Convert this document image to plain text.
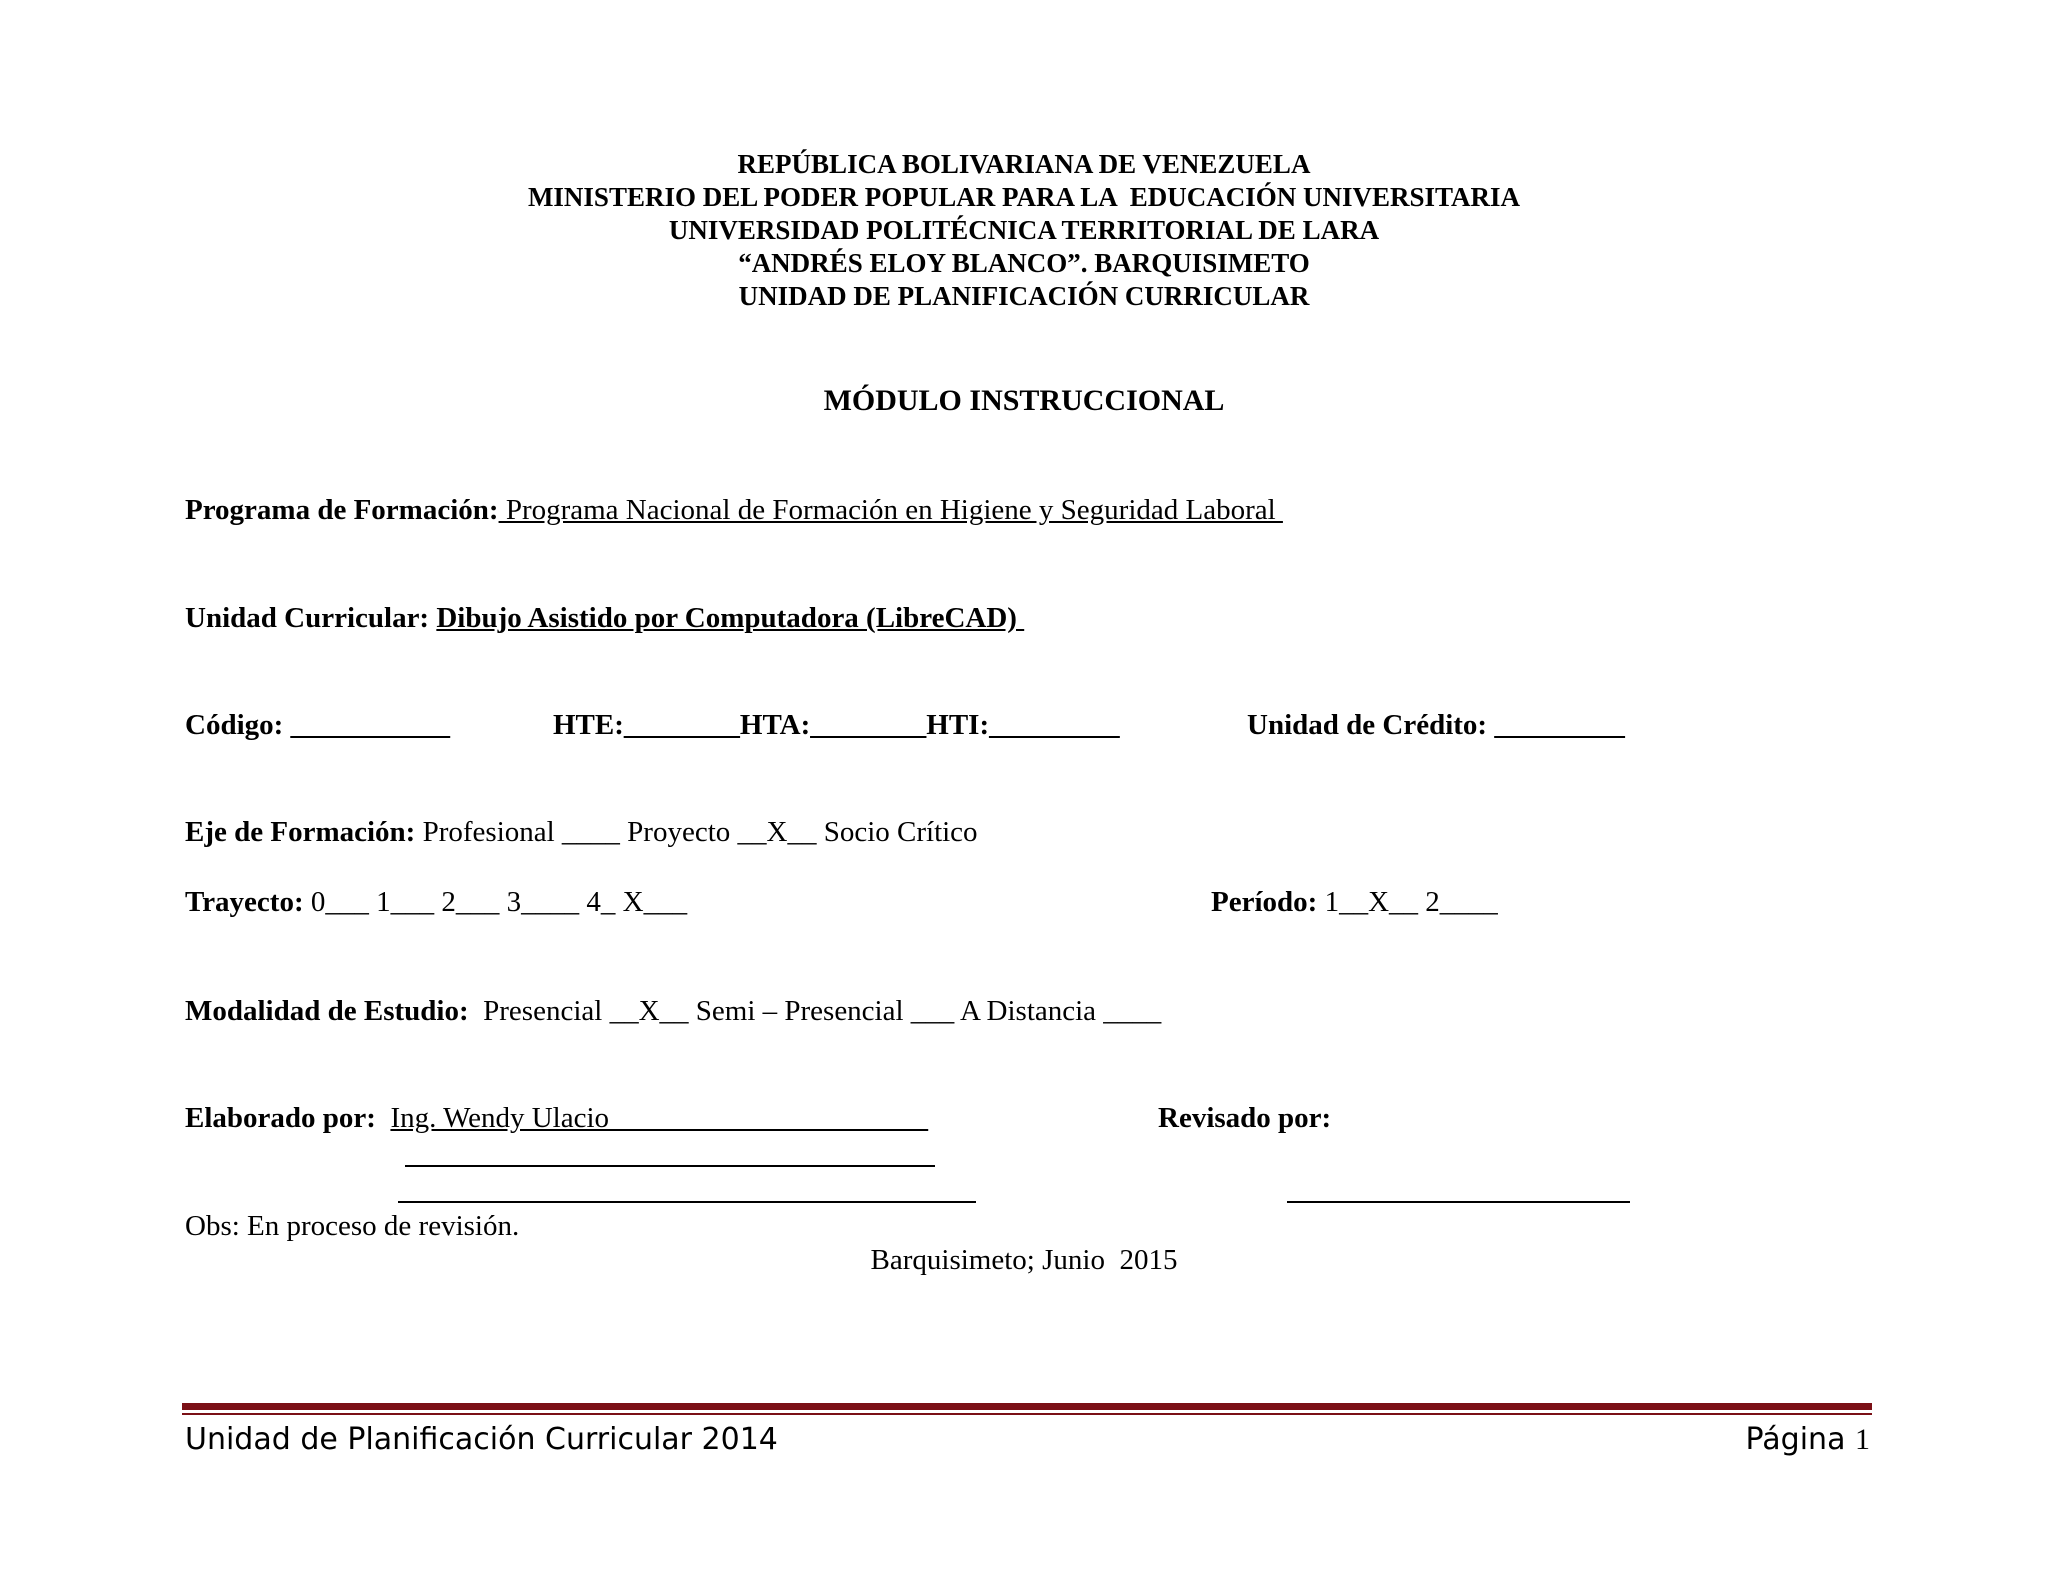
REPÚBLICA BOLIVARIANA DE VENEZUELA
MINISTERIO DEL PODER POPULAR PARA LA  EDUCACIÓN UNIVERSITARIA
UNIVERSIDAD POLITÉCNICA TERRITORIAL DE LARA
“ANDRÉS ELOY BLANCO”. BARQUISIMETO
UNIDAD DE PLANIFICACIÓN CURRICULAR
MÓDULO INSTRUCCIONAL
Programa de Formación: Programa Nacional de Formación en Higiene y Seguridad Laboral
Unidad Curricular: Dibujo Asistido por Computadora (LibreCAD)
Código: ___________	HTE:________HTA:________HTI:_________	Unidad de Crédito: _________
Eje de Formación: Profesional ____ Proyecto __X__ Socio Crítico
Trayecto: 0___ 1___ 2___ 3____ 4_ X___	Período: 1__X__ 2____
Modalidad de Estudio:  Presencial __X__ Semi – Presencial ___ A Distancia ____
Elaborado por:  Ing. Wendy Ulacio          _________________	Revisado por:
Obs: En proceso de revisión.
Barquisimeto; Junio  2015
Unidad de Planificación Curricular 2014	Página 1
